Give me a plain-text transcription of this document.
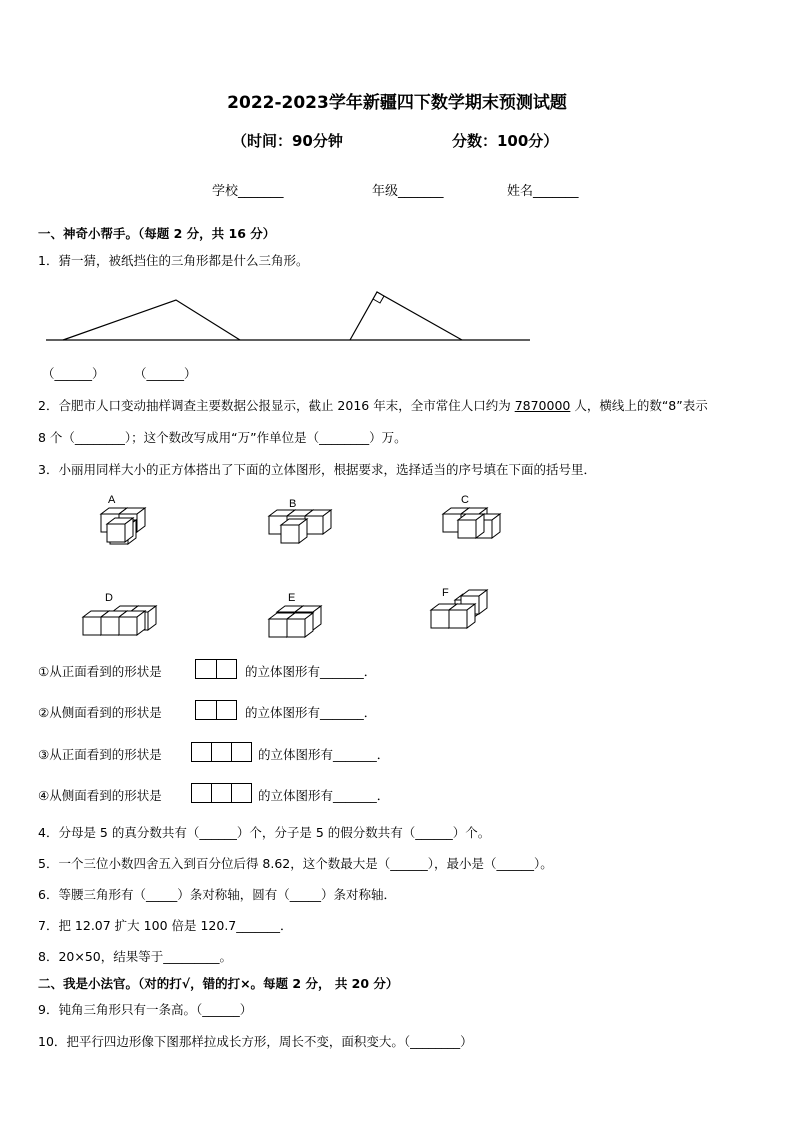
2022-2023学年新疆四下数学期末预测试题
（时间：90分钟	分数：100分）
学校_______	年级_______	姓名_______
一、神奇小帮手。（每题 2 分，共 16 分）
1．猜一猜，被纸挡住的三角形都是什么三角形。
（______） （______）
2．合肥市人口变动抽样调查主要数据公报显示，截止 2016 年末，全市常住人口约为 7870000 人，横线上的数“8”表示
8 个（________）；这个数改写成用“万”作单位是（________）万。
3．小丽用同样大小的正方体搭出了下面的立体图形，根据要求，选择适当的序号填在下面的括号里．
A	B	C
D	E	F
①从正面看到的形状是	的立体图形有_______．
②从侧面看到的形状是	的立体图形有_______．
③从正面看到的形状是	的立体图形有_______．
④从侧面看到的形状是	的立体图形有_______．
4．分母是 5 的真分数共有（______）个，分子是 5 的假分数共有（______）个。
5．一个三位小数四舍五入到百分位后得 8.62，这个数最大是（______），最小是（______）。
6．等腰三角形有（_____）条对称轴，圆有（_____）条对称轴．
7．把 12.07 扩大 100 倍是 120.7_______．
8．20×50，结果等于_________。
二、我是小法官。（对的打√，错的打×。每题 2 分， 共 20 分）
9．钝角三角形只有一条高。（______）
10．把平行四边形像下图那样拉成长方形，周长不变，面积变大。（________）
